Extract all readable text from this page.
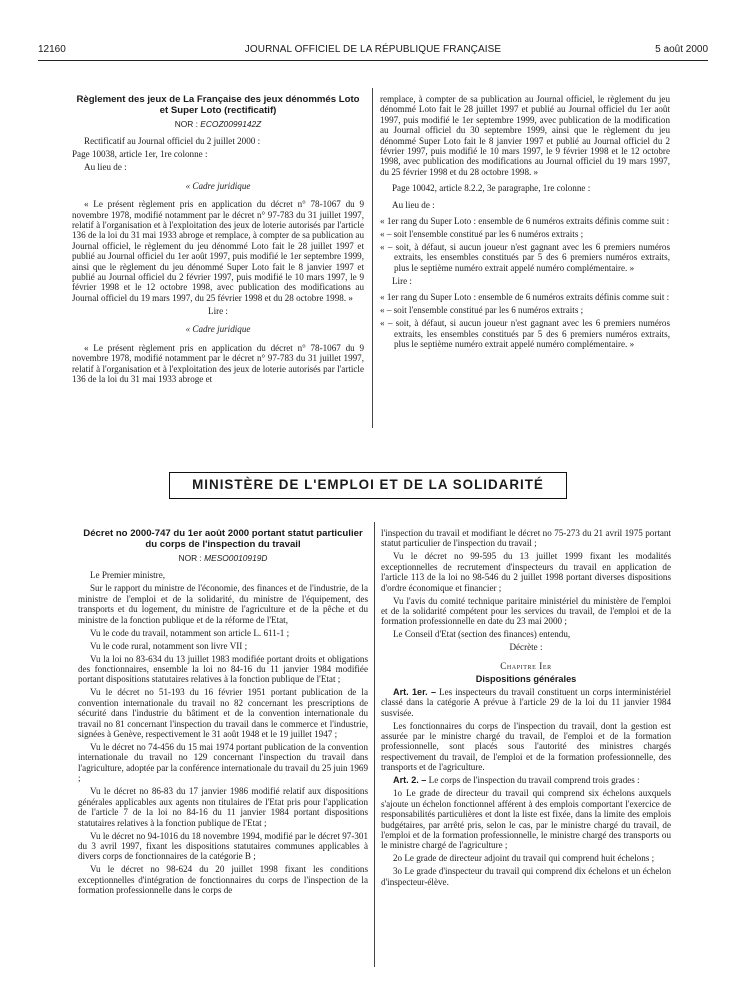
12160	JOURNAL OFFICIEL DE LA RÉPUBLIQUE FRANÇAISE	5 août 2000
Règlement des jeux de La Française des jeux dénommés Loto et Super Loto (rectificatif)
NOR : ECOZ0099142Z

Rectificatif au Journal officiel du 2 juillet 2000 :

Page 10038, article 1er, 1re colonne :

Au lieu de :

« Cadre juridique

« Le présent règlement pris en application du décret n° 78-1067 du 9 novembre 1978, modifié notamment par le décret n° 97-783 du 31 juillet 1997, relatif à l'organisation et à l'exploitation des jeux de loterie autorisés par l'article 136 de la loi du 31 mai 1933 abroge et remplace, à compter de sa publication au Journal officiel, le règlement du jeu dénommé Loto fait le 28 juillet 1997 et publié au Journal officiel du 1er août 1997, puis modifié le 1er septembre 1999, ainsi que le règlement du jeu dénommé Super Loto fait le 8 janvier 1997 et publié au Journal officiel du 2 février 1997, puis modifié le 10 mars 1997, le 9 février 1998 et le 12 octobre 1998, avec publication des modifications au Journal officiel du 19 mars 1997, du 25 février 1998 et du 28 octobre 1998. »

Lire :

« Cadre juridique

« Le présent règlement pris en application du décret n° 78-1067 du 9 novembre 1978, modifié notamment par le décret n° 97-783 du 31 juillet 1997, relatif à l'organisation et à l'exploitation des jeux de loterie autorisés par l'article 136 de la loi du 31 mai 1933 abroge et

remplace, à compter de sa publication au Journal officiel, le règlement du jeu dénommé Loto fait le 28 juillet 1997 et publié au Journal officiel du 1er août 1997, puis modifié le 1er septembre 1999, avec publication de la modification au Journal officiel du 30 septembre 1999, ainsi que le règlement du jeu dénommé Super Loto fait le 8 janvier 1997 et publié au Journal officiel du 2 février 1997, puis modifié le 10 mars 1997, le 9 février 1998 et le 12 octobre 1998, avec publication des modifications au Journal officiel du 19 mars 1997, du 25 février 1998 et du 28 octobre 1998. »

Page 10042, article 8.2.2, 3e paragraphe, 1re colonne :

Au lieu de :

« 1er rang du Super Loto : ensemble de 6 numéros extraits définis comme suit :

« – soit l'ensemble constitué par les 6 numéros extraits ;

« – soit, à défaut, si aucun joueur n'est gagnant avec les 6 premiers numéros extraits, les ensembles constitués par 5 des 6 premiers numéros extraits, plus le septième numéro extrait appelé numéro complémentaire. »

Lire :

« 1er rang du Super Loto : ensemble de 6 numéros extraits définis comme suit :

« – soit l'ensemble constitué par les 6 numéros extraits ;

« – soit, à défaut, si aucun joueur n'est gagnant avec les 6 premiers numéros extraits, les ensembles constitués par 5 des 6 premiers numéros extraits, plus le septième numéro extrait appelé numéro complémentaire. »

MINISTÈRE DE L'EMPLOI ET DE LA SOLIDARITÉ
Décret no 2000-747 du 1er août 2000 portant statut particulier du corps de l'inspection du travail
NOR : MESO0010919D

Le Premier ministre,

Sur le rapport du ministre de l'économie, des finances et de l'industrie, de la ministre de l'emploi et de la solidarité, du ministre de l'équipement, des transports et du logement, du ministre de l'agriculture et de la pêche et du ministre de la fonction publique et de la réforme de l'Etat,

Vu le code du travail, notamment son article L. 611-1 ;

Vu le code rural, notamment son livre VII ;

Vu la loi no 83-634 du 13 juillet 1983 modifiée portant droits et obligations des fonctionnaires, ensemble la loi no 84-16 du 11 janvier 1984 modifiée portant dispositions statutaires relatives à la fonction publique de l'Etat ;

Vu le décret no 51-193 du 16 février 1951 portant publication de la convention internationale du travail no 82 concernant les prescriptions de sécurité dans l'industrie du bâtiment et de la convention internationale du travail no 81 concernant l'inspection du travail dans le commerce et l'industrie, signées à Genève, respectivement le 31 août 1948 et le 19 juillet 1947 ;

Vu le décret no 74-456 du 15 mai 1974 portant publication de la convention internationale du travail no 129 concernant l'inspection du travail dans l'agriculture, adoptée par la conférence internationale du travail du 25 juin 1969 ;

Vu le décret no 86-83 du 17 janvier 1986 modifié relatif aux dispositions générales applicables aux agents non titulaires de l'Etat pris pour l'application de l'article 7 de la loi no 84-16 du 11 janvier 1984 portant dispositions statutaires relatives à la fonction publique de l'Etat ;

Vu le décret no 94-1016 du 18 novembre 1994, modifié par le décret 97-301 du 3 avril 1997, fixant les dispositions statutaires communes applicables à divers corps de fonctionnaires de la catégorie B ;

Vu le décret no 98-624 du 20 juillet 1998 fixant les conditions exceptionnelles d'intégration de fonctionnaires du corps de l'inspection de la formation professionnelle dans le corps de

l'inspection du travail et modifiant le décret no 75-273 du 21 avril 1975 portant statut particulier de l'inspection du travail ;

Vu le décret no 99-595 du 13 juillet 1999 fixant les modalités exceptionnelles de recrutement d'inspecteurs du travail en application de l'article 113 de la loi no 98-546 du 2 juillet 1998 portant diverses dispositions d'ordre économique et financier ;

Vu l'avis du comité technique paritaire ministériel du ministère de l'emploi et de la solidarité compétent pour les services du travail, de l'emploi et de la formation professionnelle en date du 23 mai 2000 ;

Le Conseil d'Etat (section des finances) entendu,

Décrète :

Chapitre Ier

Dispositions générales

Art. 1er. – Les inspecteurs du travail constituent un corps interministériel classé dans la catégorie A prévue à l'article 29 de la loi du 11 janvier 1984 susvisée.

Les fonctionnaires du corps de l'inspection du travail, dont la gestion est assurée par le ministre chargé du travail, de l'emploi et de la formation professionnelle, sont placés sous l'autorité des ministres chargés respectivement du travail, de l'emploi et de la formation professionnelle, des transports et de l'agriculture.

Art. 2. – Le corps de l'inspection du travail comprend trois grades :

1o Le grade de directeur du travail qui comprend six échelons auxquels s'ajoute un échelon fonctionnel afférent à des emplois comportant l'exercice de responsabilités particulières et dont la liste est fixée, dans la limite des emplois budgétaires, par arrêté pris, selon le cas, par le ministre chargé du travail, de l'emploi et de la formation professionnelle, le ministre chargé des transports ou le ministre chargé de l'agriculture ;

2o Le grade de directeur adjoint du travail qui comprend huit échelons ;

3o Le grade d'inspecteur du travail qui comprend dix échelons et un échelon d'inspecteur-élève.
